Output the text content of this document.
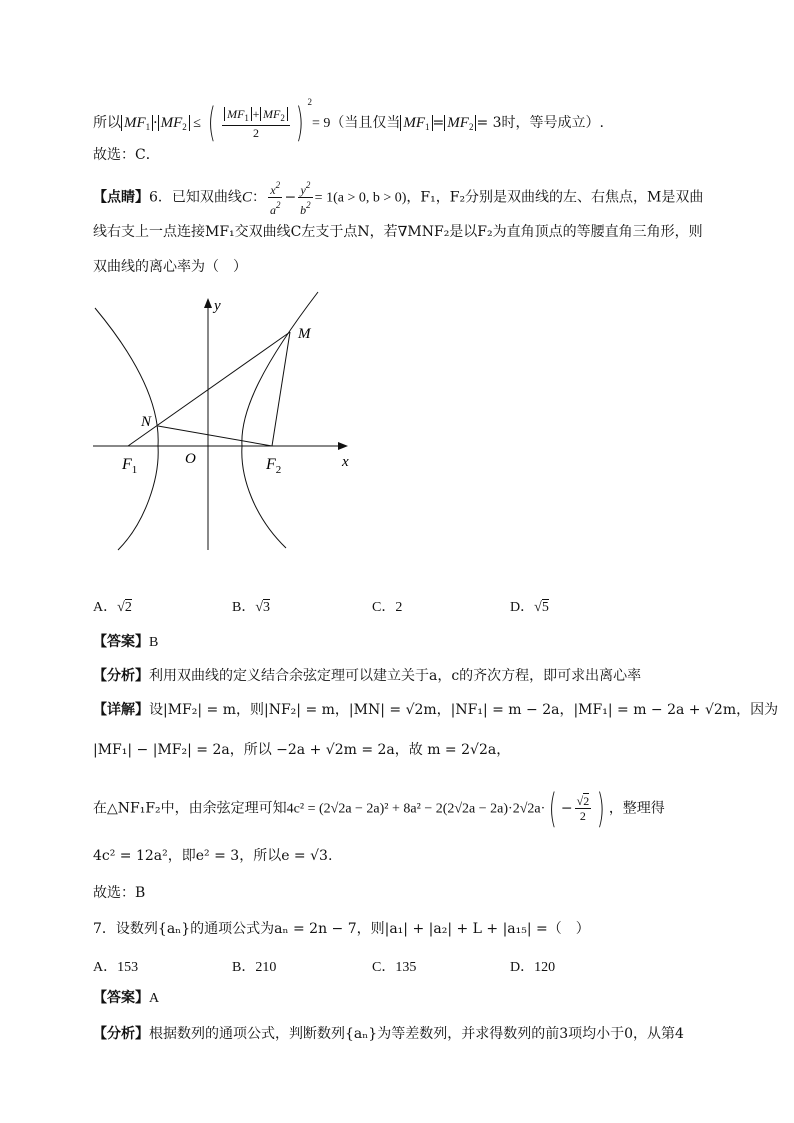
所以 $MF_1 \cdot MF_2$ ≤ ( $\frac{MF_1 + MF_2}{2}$ ) $^2$= 9（当且仅当 $MF_1 = MF_2 = 3$时，等号成立）.
故选：C．
【点睛】6．已知双曲线C： $\frac{x^2}{a^2} - \frac{y^2}{b^2} = 1(a > 0$, b > 0)，F₁，F₂分别是双曲线的左、右焦点，M是双曲
线右支上一点连接MF₁交双曲线C左支于点N，若∇MNF₂是以F₂为直角顶点的等腰直角三角形，则
双曲线的离心率为（　）
y
x
M
N
O
$F_1$	$F_2$
A．√2	B．√3	C．2	D．√5
【答案】B
【分析】利用双曲线的定义结合余弦定理可以建立关于a，c的齐次方程，即可求出离心率
【详解】设|MF₂| = m，则|NF₂| = m，|MN| = √2m，|NF₁| = m − 2a，|MF₁| = m − 2a + √2m，因为
|MF₁| − |MF₂| = 2a，所以 −2a + √2m = 2a，故 m = 2√2a，
在△NF₁F₂中，由余弦定理可知$4c^2 = (2√2a - 2a)^2 + 8a^2 - 2(2√2a - 2a)\cdot 2√2a\cdot( - \frac{√2}{2}$ ) ，整理得
4c² = 12a²，即e² = 3，所以e = √3.
故选：B
7．设数列{aₙ}的通项公式为aₙ = 2n − 7，则|a₁| + |a₂| + L + |a₁₅| =（　）
A．153	B．210	C．135	D．120
【答案】A
【分析】根据数列的通项公式，判断数列{aₙ}为等差数列，并求得数列的前3项均小于0，从第4
